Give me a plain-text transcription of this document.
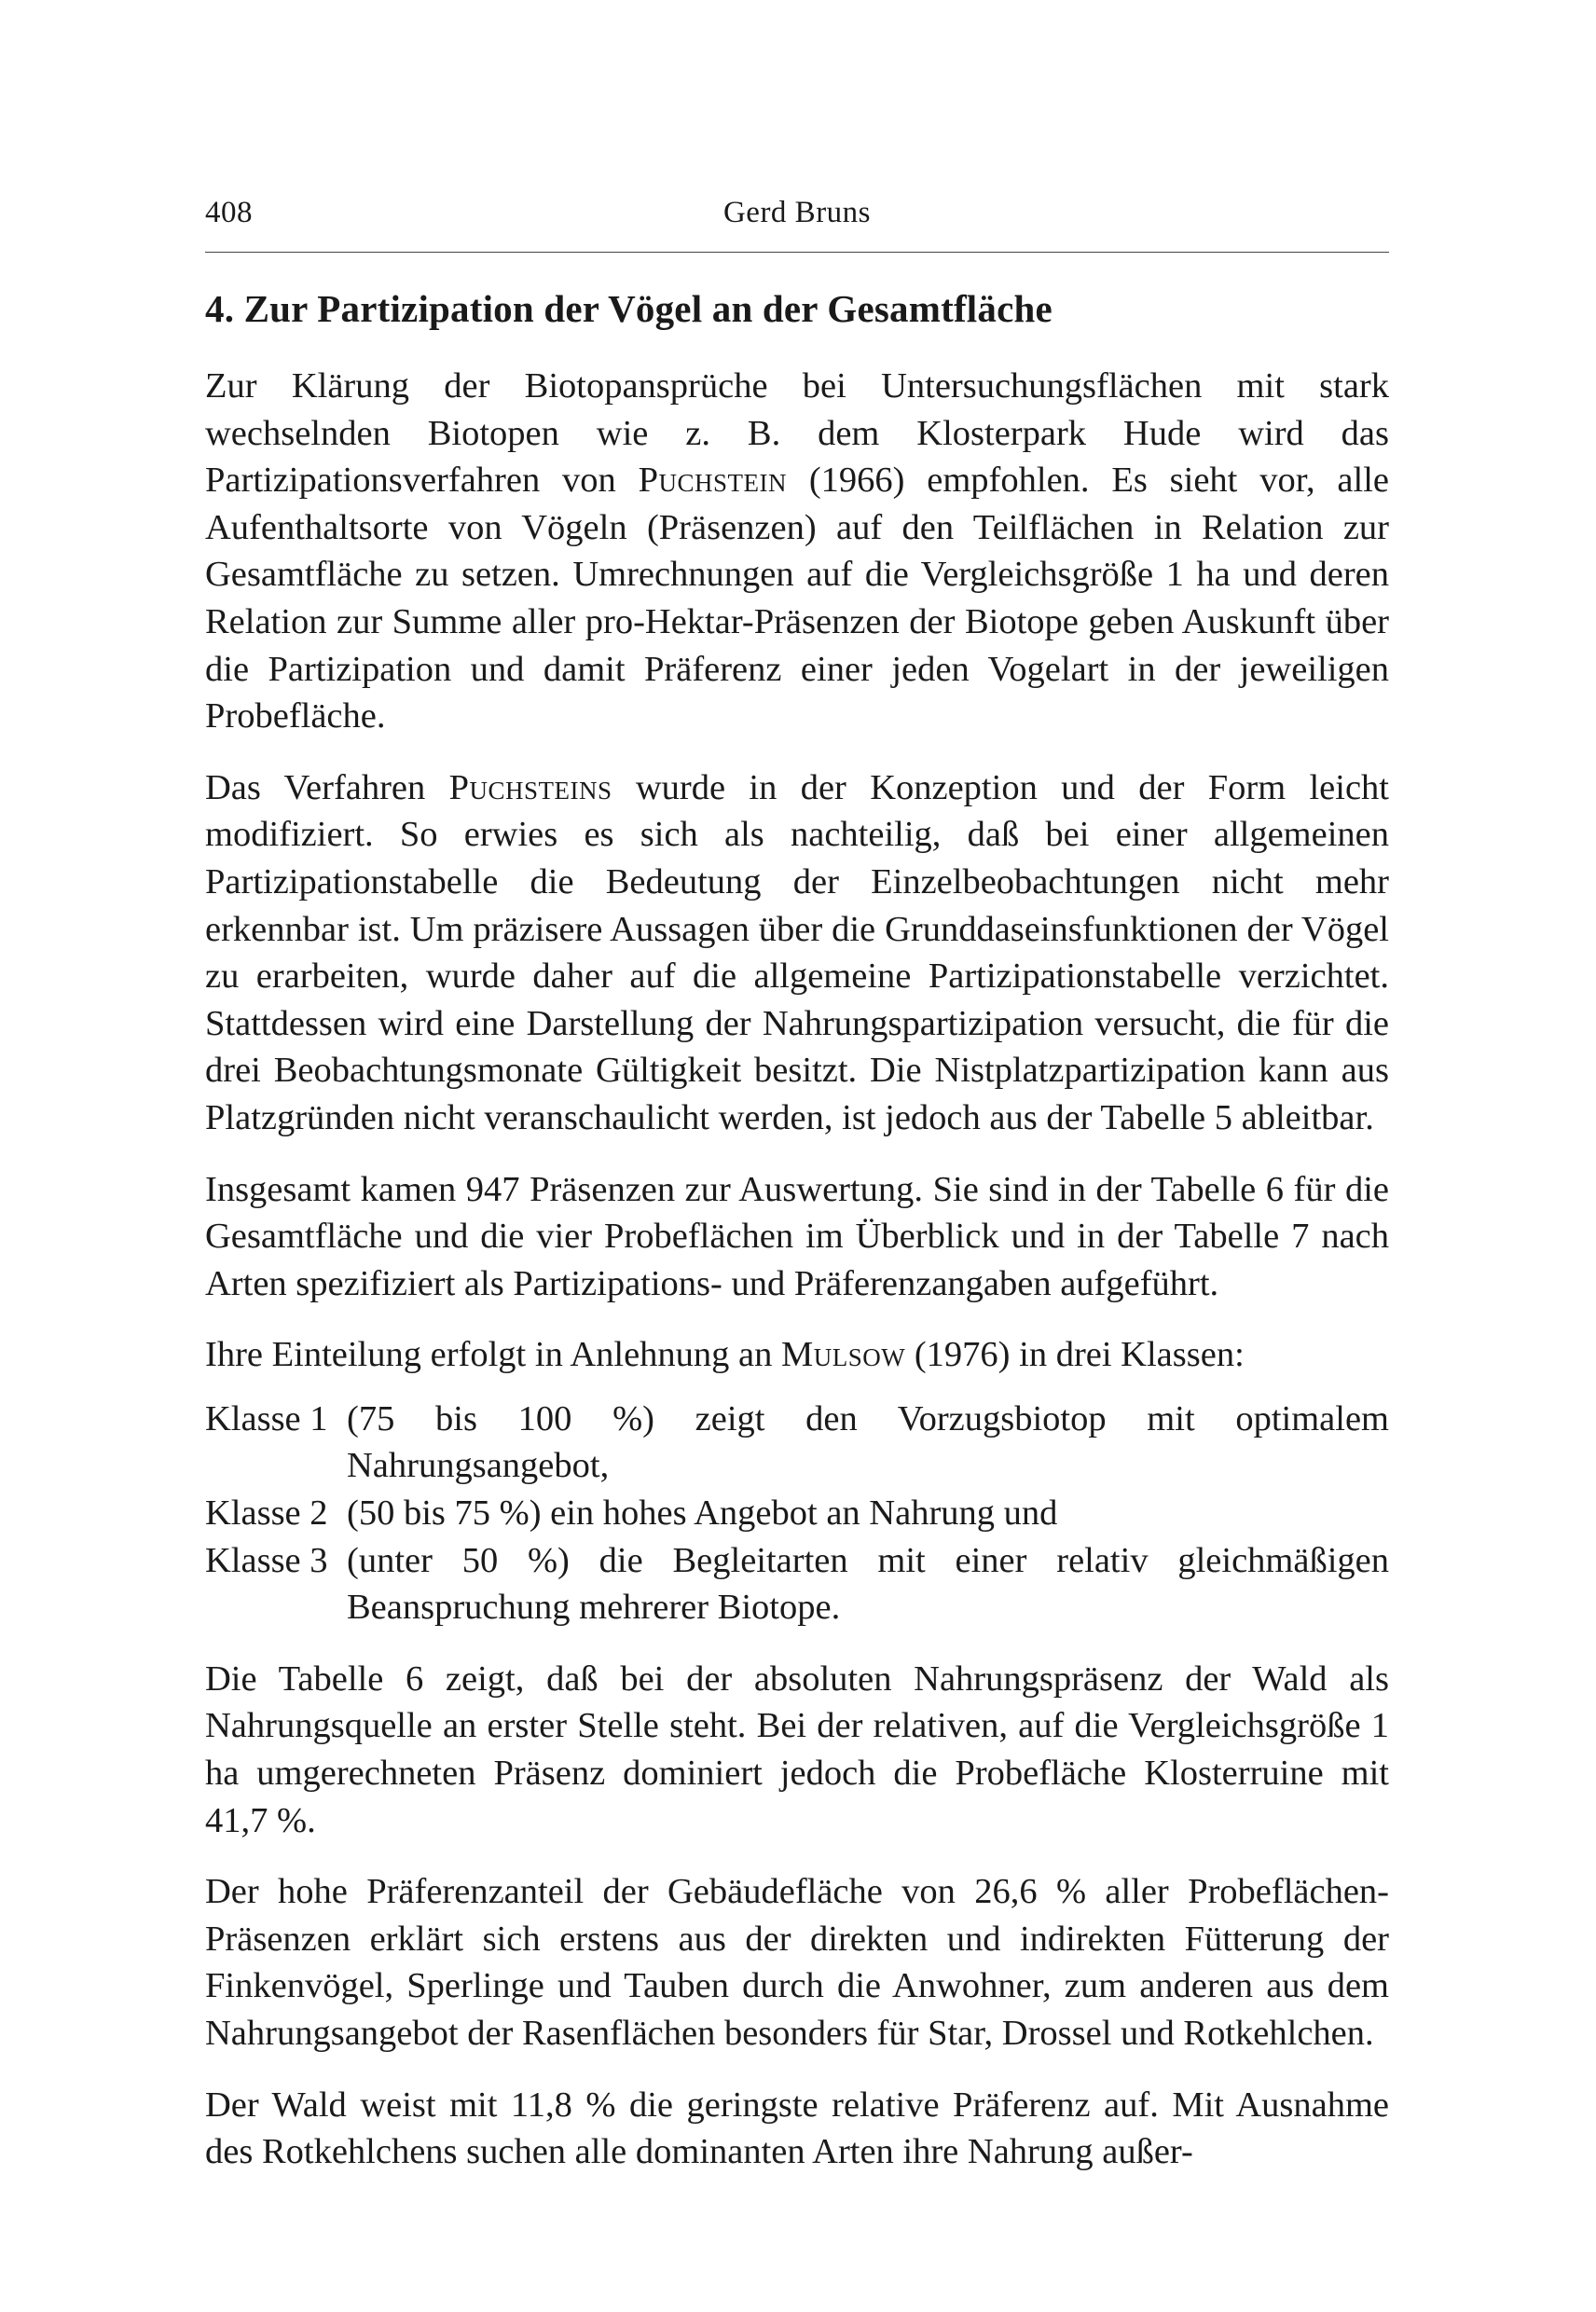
408	Gerd Bruns
4. Zur Partizipation der Vögel an der Gesamtfläche

Zur Klärung der Biotopansprüche bei Untersuchungsflächen mit stark wechselnden Biotopen wie z. B. dem Klosterpark Hude wird das Partizipationsverfahren von Puchstein (1966) empfohlen. Es sieht vor, alle Aufenthaltsorte von Vögeln (Präsenzen) auf den Teilflächen in Relation zur Gesamtfläche zu setzen. Umrechnungen auf die Vergleichsgröße 1 ha und deren Relation zur Summe aller pro-Hektar-Präsenzen der Biotope geben Auskunft über die Partizipation und damit Präferenz einer jeden Vogelart in der jeweiligen Probefläche.

Das Verfahren Puchsteins wurde in der Konzeption und der Form leicht modifiziert. So erwies es sich als nachteilig, daß bei einer allgemeinen Partizipationstabelle die Bedeutung der Einzelbeobachtungen nicht mehr erkennbar ist. Um präzisere Aussagen über die Grunddaseinsfunktionen der Vögel zu erarbeiten, wurde daher auf die allgemeine Partizipationstabelle verzichtet. Stattdessen wird eine Darstellung der Nahrungspartizipation versucht, die für die drei Beobachtungsmonate Gültigkeit besitzt. Die Nistplatzpartizipation kann aus Platzgründen nicht veranschaulicht werden, ist jedoch aus der Tabelle 5 ableitbar.

Insgesamt kamen 947 Präsenzen zur Auswertung. Sie sind in der Tabelle 6 für die Gesamtfläche und die vier Probeflächen im Überblick und in der Tabelle 7 nach Arten spezifiziert als Partizipations- und Präferenzangaben aufgeführt.

Ihre Einteilung erfolgt in Anlehnung an Mulsow (1976) in drei Klassen:

Klasse 1 (75 bis 100 %) zeigt den Vorzugsbiotop mit optimalem Nahrungsangebot,
Klasse 2 (50 bis 75 %) ein hohes Angebot an Nahrung und
Klasse 3 (unter 50 %) die Begleitarten mit einer relativ gleichmäßigen Beanspruchung mehrerer Biotope.

Die Tabelle 6 zeigt, daß bei der absoluten Nahrungspräsenz der Wald als Nahrungsquelle an erster Stelle steht. Bei der relativen, auf die Vergleichsgröße 1 ha umgerechneten Präsenz dominiert jedoch die Probefläche Klosterruine mit 41,7 %.

Der hohe Präferenzanteil der Gebäudefläche von 26,6 % aller Probeflächen-Präsenzen erklärt sich erstens aus der direkten und indirekten Fütterung der Finkenvögel, Sperlinge und Tauben durch die Anwohner, zum anderen aus dem Nahrungsangebot der Rasenflächen besonders für Star, Drossel und Rotkehlchen.

Der Wald weist mit 11,8 % die geringste relative Präferenz auf. Mit Ausnahme des Rotkehlchens suchen alle dominanten Arten ihre Nahrung außer-
